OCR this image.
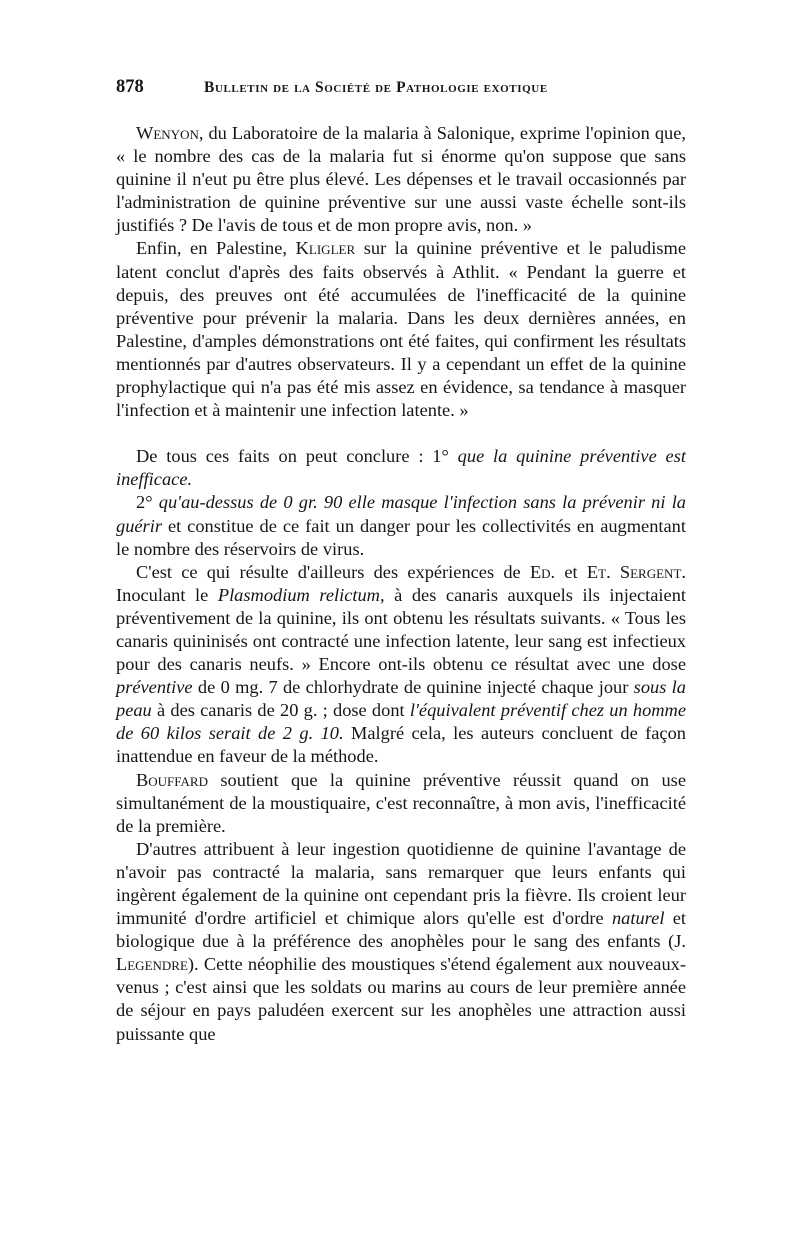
878	Bulletin de la Société de Pathologie exotique

Wenyon, du Laboratoire de la malaria à Salonique, exprime l'opinion que, « le nombre des cas de la malaria fut si énorme qu'on suppose que sans quinine il n'eut pu être plus élevé. Les dépenses et le travail occasionnés par l'administration de quinine préventive sur une aussi vaste échelle sont-ils justifiés ? De l'avis de tous et de mon propre avis, non. »

Enfin, en Palestine, Kligler sur la quinine préventive et le paludisme latent conclut d'après des faits observés à Athlit. « Pendant la guerre et depuis, des preuves ont été accumulées de l'inefficacité de la quinine préventive pour prévenir la malaria. Dans les deux dernières années, en Palestine, d'amples démonstrations ont été faites, qui confirment les résultats mentionnés par d'autres observateurs. Il y a cependant un effet de la quinine prophylactique qui n'a pas été mis assez en évidence, sa tendance à masquer l'infection et à maintenir une infection latente. »

De tous ces faits on peut conclure : 1° que la quinine préventive est inefficace.

2° qu'au-dessus de 0 gr. 90 elle masque l'infection sans la prévenir ni la guérir et constitue de ce fait un danger pour les collectivités en augmentant le nombre des réservoirs de virus.

C'est ce qui résulte d'ailleurs des expériences de Ed. et Et. Sergent. Inoculant le Plasmodium relictum, à des canaris auxquels ils injectaient préventivement de la quinine, ils ont obtenu les résultats suivants. « Tous les canaris quininisés ont contracté une infection latente, leur sang est infectieux pour des canaris neufs. » Encore ont-ils obtenu ce résultat avec une dose préventive de 0 mg. 7 de chlorhydrate de quinine injecté chaque jour sous la peau à des canaris de 20 g. ; dose dont l'équivalent préventif chez un homme de 60 kilos serait de 2 g. 10. Malgré cela, les auteurs concluent de façon inattendue en faveur de la méthode.

Bouffard soutient que la quinine préventive réussit quand on use simultanément de la moustiquaire, c'est reconnaître, à mon avis, l'inefficacité de la première.

D'autres attribuent à leur ingestion quotidienne de quinine l'avantage de n'avoir pas contracté la malaria, sans remarquer que leurs enfants qui ingèrent également de la quinine ont cependant pris la fièvre. Ils croient leur immunité d'ordre artificiel et chimique alors qu'elle est d'ordre naturel et biologique due à la préférence des anophèles pour le sang des enfants (J. Legendre). Cette néophilie des moustiques s'étend également aux nouveaux-venus ; c'est ainsi que les soldats ou marins au cours de leur première année de séjour en pays paludéen exercent sur les anophèles une attraction aussi puissante que
